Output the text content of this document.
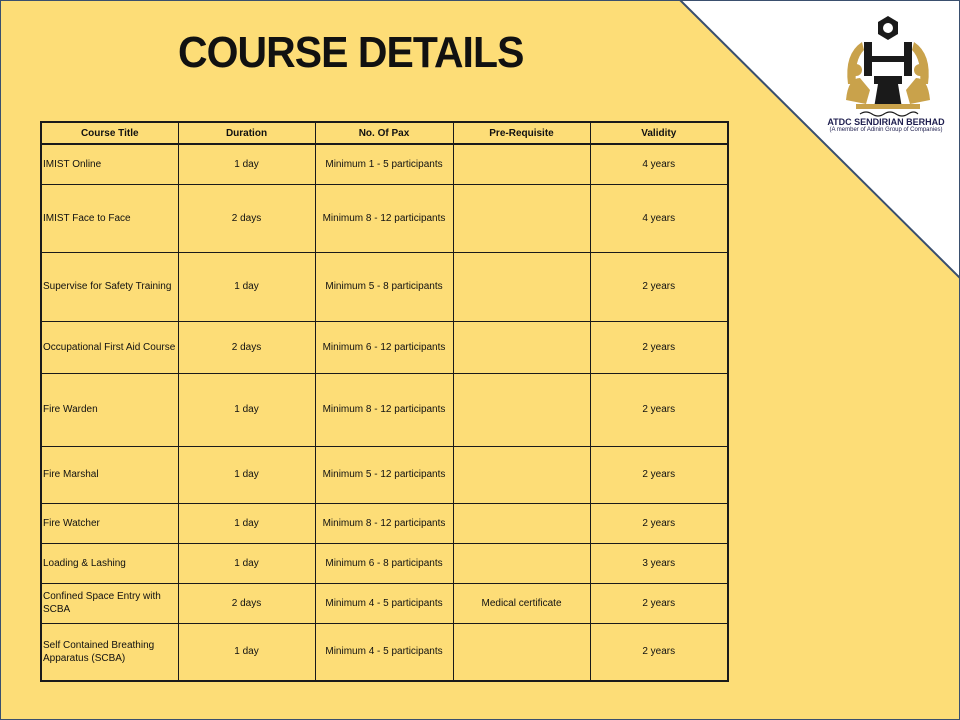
COURSE DETAILS
Course Title	Duration	No. Of Pax	Pre-Requisite	Validity
IMIST Online	1 day	Minimum 1 - 5 participants		4 years
IMIST Face to Face	2 days	Minimum 8 - 12 participants		4 years
Supervise for Safety Training	1 day	Minimum 5 - 8 participants		2 years
Occupational First Aid Course	2 days	Minimum 6 - 12 participants		2 years
Fire Warden	1 day	Minimum 8 - 12 participants		2 years
Fire Marshal	1 day	Minimum 5 - 12 participants		2 years
Fire Watcher	1 day	Minimum 8 - 12 participants		2 years
Loading & Lashing	1 day	Minimum 6 - 8 participants		3 years
Confined Space Entry with SCBA	2 days	Minimum 4 - 5 participants	Medical certificate	2 years
Self Contained Breathing Apparatus (SCBA)	1 day	Minimum 4 - 5 participants		2 years
ATDC SENDIRIAN BERHAD
(A member of Adinin Group of Companies)
